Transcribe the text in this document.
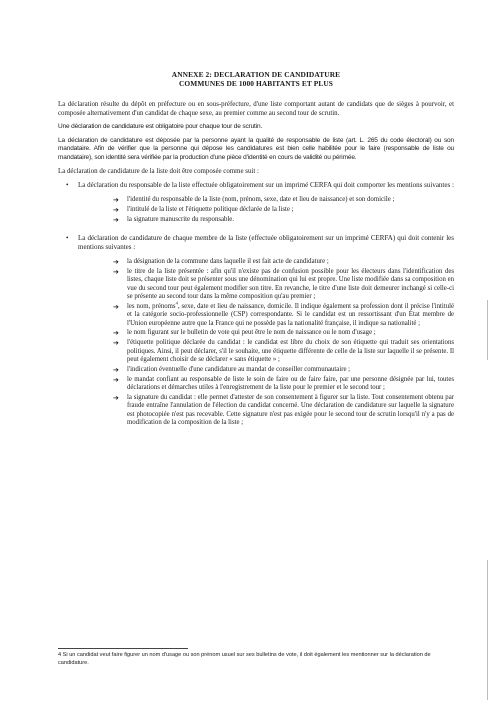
ANNEXE 2: DECLARATION DE CANDIDATURE
COMMUNES DE 1000 HABITANTS ET PLUS

La déclaration résulte du dépôt en préfecture ou en sous-préfecture, d'une liste comportant autant de candidats que de sièges à pourvoir, et composée alternativement d'un candidat de chaque sexe, au premier comme au second tour de scrutin.

Une déclaration de candidature est obligatoire pour chaque tour de scrutin.

La déclaration de candidature est déposée par la personne ayant la qualité de responsable de liste (art. L. 265 du code électoral) ou son mandataire. Afin de vérifier que la personne qui dépose les candidatures est bien celle habilitée pour le faire (responsable de liste ou mandataire), son identité sera vérifiée par la production d'une pièce d'identité en cours de validité ou périmée.

La déclaration de candidature de la liste doit être composée comme suit :

• La déclaration du responsable de la liste effectuée obligatoirement sur un imprimé CERFA qui doit comporter les mentions suivantes :
➔ l'identité du responsable de la liste (nom, prénom, sexe, date et lieu de naissance) et son domicile ;
➔ l'intitulé de la liste et l'étiquette politique déclarée de la liste ;
➔ la signature manuscrite du responsable.
• La déclaration de candidature de chaque membre de la liste (effectuée obligatoirement sur un imprimé CERFA) qui doit contenir les mentions suivantes :
➔ la désignation de la commune dans laquelle il est fait acte de candidature ;
➔ le titre de la liste présentée : afin qu'il n'existe pas de confusion possible pour les électeurs dans l'identification des listes, chaque liste doit se présenter sous une dénomination qui lui est propre. Une liste modifiée dans sa composition en vue du second tour peut également modifier son titre. En revanche, le titre d'une liste doit demeurer inchangé si celle-ci se présente au second tour dans la même composition qu'au premier ;
➔ les nom, prénoms$^4$, sexe, date et lieu de naissance, domicile. Il indique également sa profession dont il précise l'intitulé et la catégorie socio-professionnelle (CSP) correspondante. Si le candidat est un ressortissant d'un État membre de l'Union européenne autre que la France qui ne possède pas la nationalité française, il indique sa nationalité ;
➔ le nom figurant sur le bulletin de vote qui peut être le nom de naissance ou le nom d'usage ;
➔ l'étiquette politique déclarée du candidat : le candidat est libre du choix de son étiquette qui traduit ses orientations politiques. Ainsi, il peut déclarer, s'il le souhaite, une étiquette différente de celle de la liste sur laquelle il se présente. Il peut également choisir de se déclarer « sans étiquette » ;
➔ l'indication éventuelle d'une candidature au mandat de conseiller communautaire ;
➔ le mandat confiant au responsable de liste le soin de faire ou de faire faire, par une personne désignée par lui, toutes déclarations et démarches utiles à l'enregistrement de la liste pour le premier et le second tour ;
➔ la signature du candidat : elle permet d'attester de son consentement à figurer sur la liste. Tout consentement obtenu par fraude entraîne l'annulation de l'élection du candidat concerné. Une déclaration de candidature sur laquelle la signature est photocopiée n'est pas recevable. Cette signature n'est pas exigée pour le second tour de scrutin lorsqu'il n'y a pas de modification de la composition de la liste ;
4 Si un candidat veut faire figurer un nom d'usage ou son prénom usuel sur ses bulletins de vote, il doit également les mentionner sur la déclaration de candidature.
